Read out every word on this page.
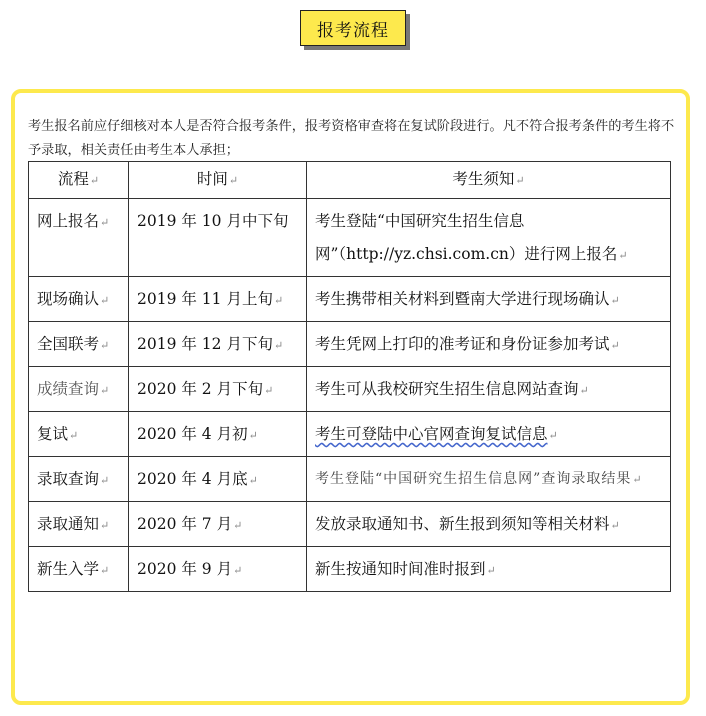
报考流程
考生报名前应仔细核对本人是否符合报考条件，报考资格审查将在复试阶段进行。凡不符合报考条件的考生将不予录取，相关责任由考生本人承担；
流程↵	时间↵	考生须知↵
网上报名↵	2019 年 10 月中下旬	考生登陆“中国研究生招生信息网”（http://yz.chsi.com.cn）进行网上报名↵
现场确认↵	2019 年 11 月上旬↵	考生携带相关材料到暨南大学进行现场确认↵
全国联考↵	2019 年 12 月下旬↵	考生凭网上打印的准考证和身份证参加考试↵
成绩查询↵	2020 年 2 月下旬↵	考生可从我校研究生招生信息网站查询↵
复试↵	2020 年 4 月初↵	考生可登陆中心官网查询复试信息↵
录取查询↵	2020 年 4 月底↵	考生登陆“中国研究生招生信息网”查询录取结果↵
录取通知↵	2020 年 7 月↵	发放录取通知书、新生报到须知等相关材料↵
新生入学↵	2020 年 9 月↵	新生按通知时间准时报到↵
